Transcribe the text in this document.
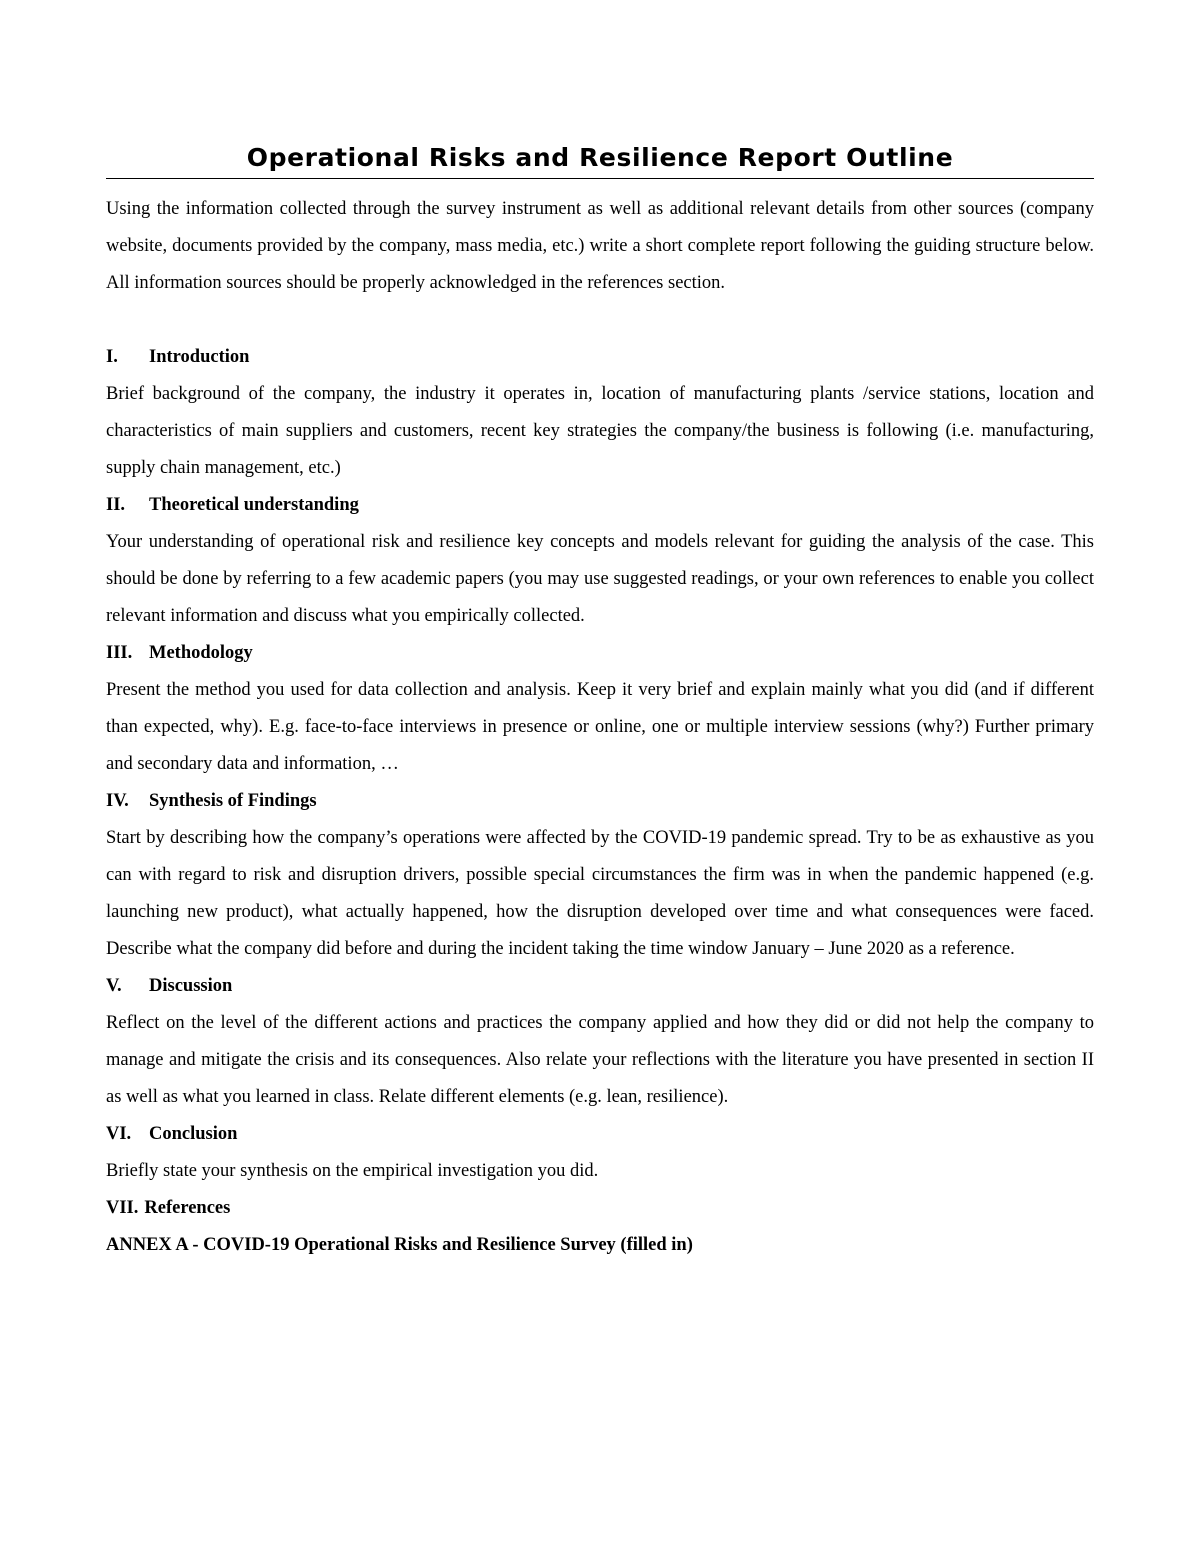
Operational Risks and Resilience Report Outline

Using the information collected through the survey instrument as well as additional relevant details from other sources (company website, documents provided by the company, mass media, etc.) write a short complete report following the guiding structure below. All information sources should be properly acknowledged in the references section.

I.	Introduction

Brief background of the company, the industry it operates in, location of manufacturing plants /service stations, location and characteristics of main suppliers and customers, recent key strategies the company/the business is following (i.e. manufacturing, supply chain management, etc.)

II.	Theoretical understanding

Your understanding of operational risk and resilience key concepts and models relevant for guiding the analysis of the case. This should be done by referring to a few academic papers (you may use suggested readings, or your own references to enable you collect relevant information and discuss what you empirically collected.

III. Methodology

Present the method you used for data collection and analysis. Keep it very brief and explain mainly what you did (and if different than expected, why). E.g. face-to-face interviews in presence or online, one or multiple interview sessions (why?) Further primary and secondary data and information, …

IV.	Synthesis of Findings

Start by describing how the company’s operations were affected by the COVID-19 pandemic spread. Try to be as exhaustive as you can with regard to risk and disruption drivers, possible special circumstances the firm was in when the pandemic happened (e.g. launching new product), what actually happened, how the disruption developed over time and what consequences were faced. Describe what the company did before and during the incident taking the time window January – June 2020 as a reference.

V.	Discussion

Reflect on the level of the different actions and practices the company applied and how they did or did not help the company to manage and mitigate the crisis and its consequences. Also relate your reflections with the literature you have presented in section II as well as what you learned in class. Relate different elements (e.g. lean, resilience).

VI. Conclusion

Briefly state your synthesis on the empirical investigation you did.

VII. References

ANNEX A - COVID-19 Operational Risks and Resilience Survey (filled in)
